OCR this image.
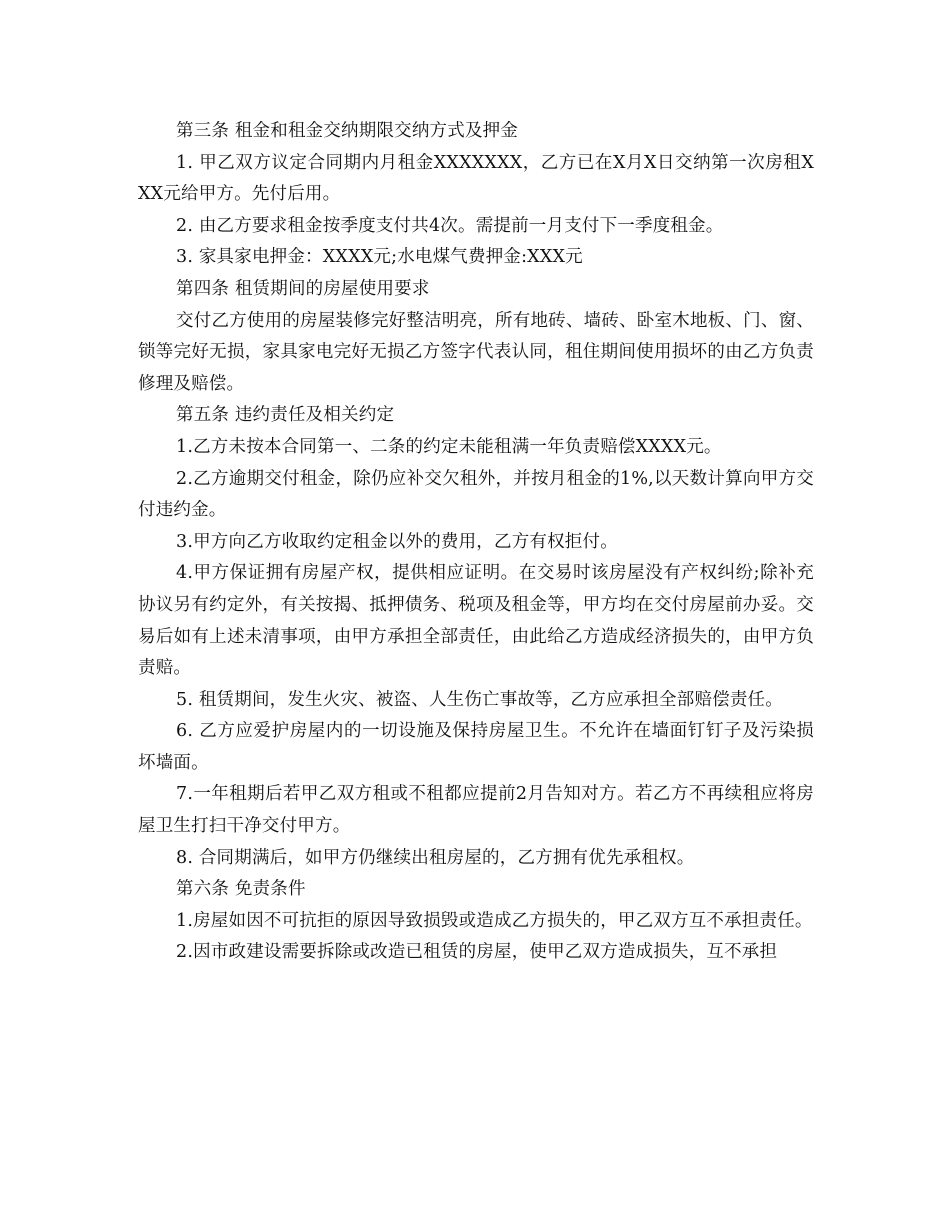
第三条 租金和租金交纳期限交纳方式及押金

1. 甲乙双方议定合同期内月租金XXXXXXX，乙方已在X月X日交纳第一次房租XXX元给甲方。先付后用。

2. 由乙方要求租金按季度支付共4次。需提前一月支付下一季度租金。

3. 家具家电押金：XXXX元;水电煤气费押金:XXX元

第四条 租赁期间的房屋使用要求

交付乙方使用的房屋装修完好整洁明亮，所有地砖、墙砖、卧室木地板、门、窗、锁等完好无损，家具家电完好无损乙方签字代表认同，租住期间使用损坏的由乙方负责修理及赔偿。

第五条 违约责任及相关约定

1.乙方未按本合同第一、二条的约定未能租满一年负责赔偿XXXX元。

2.乙方逾期交付租金，除仍应补交欠租外，并按月租金的1%,以天数计算向甲方交付违约金。

3.甲方向乙方收取约定租金以外的费用，乙方有权拒付。

4.甲方保证拥有房屋产权，提供相应证明。在交易时该房屋没有产权纠纷;除补充协议另有约定外，有关按揭、抵押债务、税项及租金等，甲方均在交付房屋前办妥。交易后如有上述未清事项，由甲方承担全部责任，由此给乙方造成经济损失的，由甲方负责赔。

5. 租赁期间，发生火灾、被盗、人生伤亡事故等，乙方应承担全部赔偿责任。

6. 乙方应爱护房屋内的一切设施及保持房屋卫生。不允许在墙面钉钉子及污染损坏墙面。

7.一年租期后若甲乙双方租或不租都应提前2月告知对方。若乙方不再续租应将房屋卫生打扫干净交付甲方。

8. 合同期满后，如甲方仍继续出租房屋的，乙方拥有优先承租权。

第六条 免责条件

1.房屋如因不可抗拒的原因导致损毁或造成乙方损失的，甲乙双方互不承担责任。

2.因市政建设需要拆除或改造已租赁的房屋，使甲乙双方造成损失，互不承担
